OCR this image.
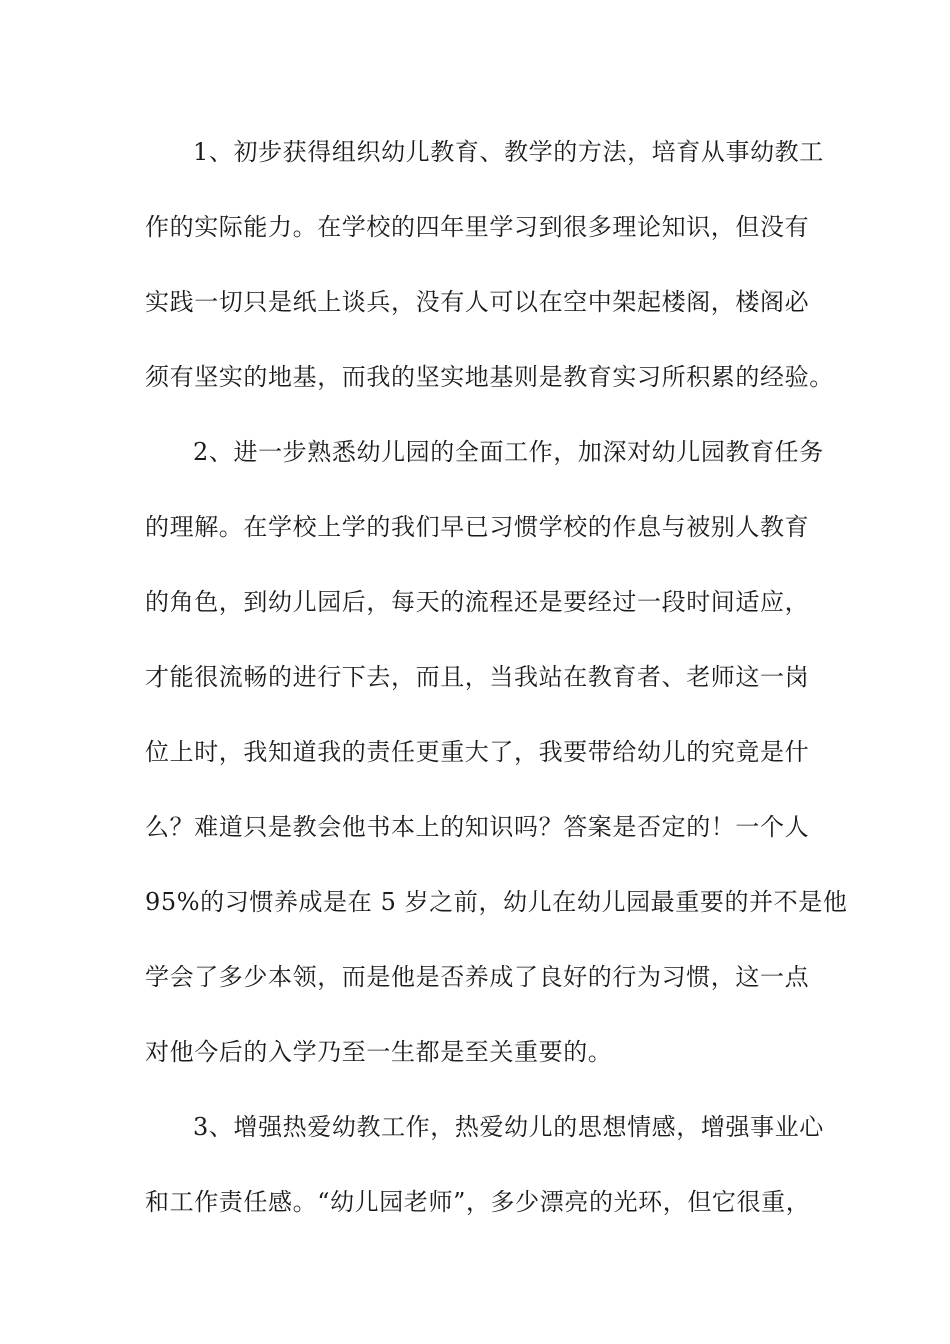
1、初步获得组织幼儿教育、教学的方法，培育从事幼教工
作的实际能力。在学校的四年里学习到很多理论知识，但没有
实践一切只是纸上谈兵，没有人可以在空中架起楼阁，楼阁必
须有坚实的地基，而我的坚实地基则是教育实习所积累的经验。
2、进一步熟悉幼儿园的全面工作，加深对幼儿园教育任务
的理解。在学校上学的我们早已习惯学校的作息与被别人教育
的角色，到幼儿园后，每天的流程还是要经过一段时间适应，
才能很流畅的进行下去，而且，当我站在教育者、老师这一岗
位上时，我知道我的责任更重大了，我要带给幼儿的究竟是什
么？难道只是教会他书本上的知识吗？答案是否定的！一个人
95%的习惯养成是在 5 岁之前，幼儿在幼儿园最重要的并不是他
学会了多少本领，而是他是否养成了良好的行为习惯，这一点
对他今后的入学乃至一生都是至关重要的。
3、增强热爱幼教工作，热爱幼儿的思想情感，增强事业心
和工作责任感。“幼儿园老师”，多少漂亮的光环，但它很重，
